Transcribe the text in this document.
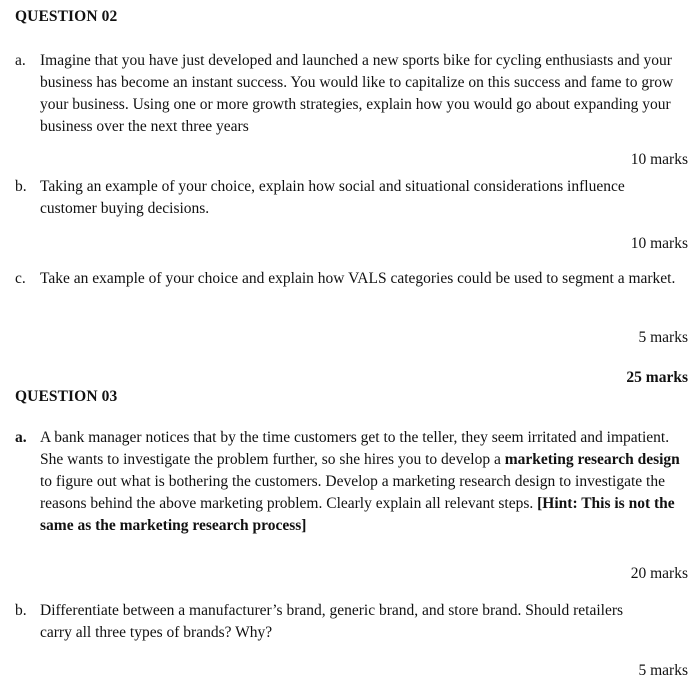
QUESTION 02
a. Imagine that you have just developed and launched a new sports bike for cycling enthusiasts and your business has become an instant success. You would like to capitalize on this success and fame to grow your business. Using one or more growth strategies, explain how you would go about expanding your business over the next three years
10 marks
b. Taking an example of your choice, explain how social and situational considerations influence customer buying decisions.
10 marks
c. Take an example of your choice and explain how VALS categories could be used to segment a market.
5 marks
25 marks
QUESTION 03
a. A bank manager notices that by the time customers get to the teller, they seem irritated and impatient. She wants to investigate the problem further, so she hires you to develop a marketing research design to figure out what is bothering the customers. Develop a marketing research design to investigate the reasons behind the above marketing problem. Clearly explain all relevant steps. [Hint: This is not the same as the marketing research process]
20 marks
b. Differentiate between a manufacturer’s brand, generic brand, and store brand. Should retailers carry all three types of brands? Why?
5 marks
